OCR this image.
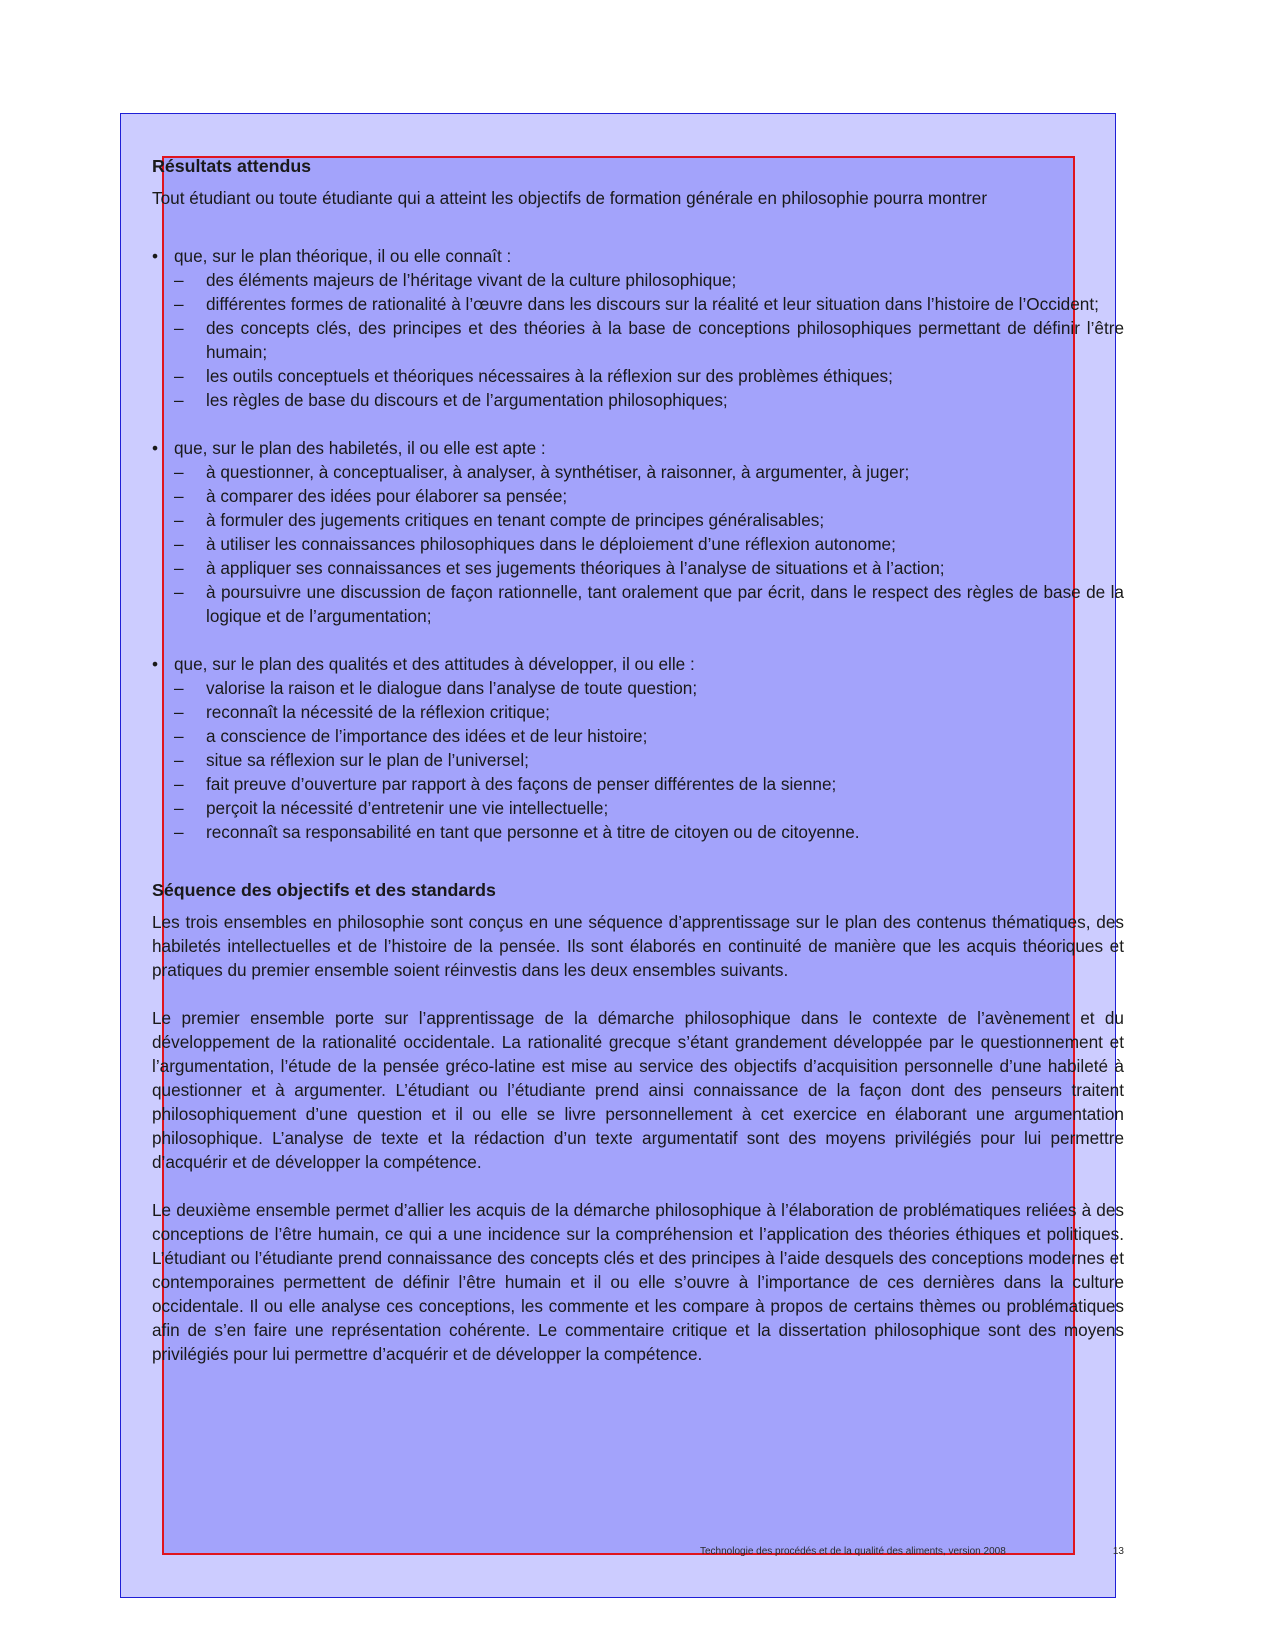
Résultats attendus

Tout étudiant ou toute étudiante qui a atteint les objectifs de formation générale en philosophie pourra montrer

• que, sur le plan théorique, il ou elle connaît :
– des éléments majeurs de l’héritage vivant de la culture philosophique;
– différentes formes de rationalité à l’œuvre dans les discours sur la réalité et leur situation dans l’histoire de l’Occident;
– des concepts clés, des principes et des théories à la base de conceptions philosophiques permettant de définir l’être humain;
– les outils conceptuels et théoriques nécessaires à la réflexion sur des problèmes éthiques;
– les règles de base du discours et de l’argumentation philosophiques;
• que, sur le plan des habiletés, il ou elle est apte :
– à questionner, à conceptualiser, à analyser, à synthétiser, à raisonner, à argumenter, à juger;
– à comparer des idées pour élaborer sa pensée;
– à formuler des jugements critiques en tenant compte de principes généralisables;
– à utiliser les connaissances philosophiques dans le déploiement d’une réflexion autonome;
– à appliquer ses connaissances et ses jugements théoriques à l’analyse de situations et à l’action;
– à poursuivre une discussion de façon rationnelle, tant oralement que par écrit, dans le respect des règles de base de la logique et de l’argumentation;
• que, sur le plan des qualités et des attitudes à développer, il ou elle :
– valorise la raison et le dialogue dans l’analyse de toute question;
– reconnaît la nécessité de la réflexion critique;
– a conscience de l’importance des idées et de leur histoire;
– situe sa réflexion sur le plan de l’universel;
– fait preuve d’ouverture par rapport à des façons de penser différentes de la sienne;
– perçoit la nécessité d’entretenir une vie intellectuelle;
– reconnaît sa responsabilité en tant que personne et à titre de citoyen ou de citoyenne.
Séquence des objectifs et des standards

Les trois ensembles en philosophie sont conçus en une séquence d’apprentissage sur le plan des contenus thématiques, des habiletés intellectuelles et de l’histoire de la pensée. Ils sont élaborés en continuité de manière que les acquis théoriques et pratiques du premier ensemble soient réinvestis dans les deux ensembles suivants.

Le premier ensemble porte sur l’apprentissage de la démarche philosophique dans le contexte de l’avènement et du développement de la rationalité occidentale. La rationalité grecque s’étant grandement développée par le questionnement et l’argumentation, l’étude de la pensée gréco-latine est mise au service des objectifs d’acquisition personnelle d’une habileté à questionner et à argumenter. L’étudiant ou l’étudiante prend ainsi connaissance de la façon dont des penseurs traitent philosophiquement d’une question et il ou elle se livre personnellement à cet exercice en élaborant une argumentation philosophique. L’analyse de texte et la rédaction d’un texte argumentatif sont des moyens privilégiés pour lui permettre d’acquérir et de développer la compétence.

Le deuxième ensemble permet d’allier les acquis de la démarche philosophique à l’élaboration de problématiques reliées à des conceptions de l’être humain, ce qui a une incidence sur la compréhension et l’application des théories éthiques et politiques. L’étudiant ou l’étudiante prend connaissance des concepts clés et des principes à l’aide desquels des conceptions modernes et contemporaines permettent de définir l’être humain et il ou elle s’ouvre à l’importance de ces dernières dans la culture occidentale. Il ou elle analyse ces conceptions, les commente et les compare à propos de certains thèmes ou problématiques afin de s’en faire une représentation cohérente. Le commentaire critique et la dissertation philosophique sont des moyens privilégiés pour lui permettre d’acquérir et de développer la compétence.

Technologie des procédés et de la qualité des aliments, version 2008	13
